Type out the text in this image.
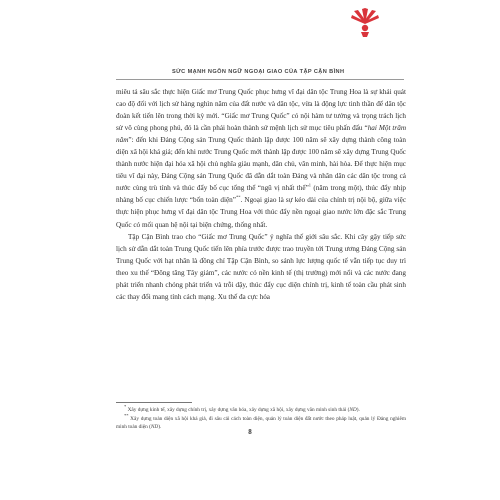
SỨC MẠNH NGÔN NGỮ NGOẠI GIAO CỦA TẬP CẬN BÌNH

miêu tả sâu sắc thực hiện Giấc mơ Trung Quốc phục hưng vĩ đại dân tộc Trung Hoa là sự khái quát cao độ đối với lịch sử hàng nghìn năm của đất nước và dân tộc, vừa là động lực tinh thần để dân tộc đoàn kết tiến lên trong thời kỳ mới. “Giấc mơ Trung Quốc” có nội hàm tư tưởng và trọng trách lịch sử vô cùng phong phú, đó là cần phải hoàn thành sứ mệnh lịch sử mục tiêu phấn đấu “hai Một trăm năm”: đến khi Đảng Cộng sản Trung Quốc thành lập được 100 năm sẽ xây dựng thành công toàn diện xã hội khá giả; đến khi nước Trung Quốc mới thành lập được 100 năm sẽ xây dựng Trung Quốc thành nước hiện đại hóa xã hội chủ nghĩa giàu mạnh, dân chủ, văn minh, hài hòa. Để thực hiện mục tiêu vĩ đại này, Đảng Cộng sản Trung Quốc đã dẫn dắt toàn Đảng và nhân dân các dân tộc trong cả nước cùng trù tính và thúc đẩy bố cục tổng thể “ngũ vị nhất thể”$^1$ (năm trong một), thúc đẩy nhịp nhàng bố cục chiến lược “bốn toàn diện”**. Ngoại giao là sự kéo dài của chính trị nội bộ, giữa việc thực hiện phục hưng vĩ đại dân tộc Trung Hoa với thúc đẩy nền ngoại giao nước lớn đặc sắc Trung Quốc có mối quan hệ nội tại biện chứng, thống nhất.

Tập Cận Bình trao cho “Giấc mơ Trung Quốc” ý nghĩa thế giới sâu sắc. Khi cây gậy tiếp sức lịch sử dẫn dắt toàn Trung Quốc tiến lên phía trước được trao truyền tới Trung ương Đảng Cộng sản Trung Quốc với hạt nhân là đồng chí Tập Cận Bình, so sánh lực lượng quốc tế vẫn tiếp tục duy trì theo xu thế “Đông tăng Tây giảm”, các nước có nền kinh tế (thị trường) mới nổi và các nước đang phát triển nhanh chóng phát triển và trỗi dậy, thúc đẩy cục diện chính trị, kinh tế toàn cầu phát sinh các thay đổi mang tính cách mạng. Xu thế đa cực hóa

* Xây dựng kinh tế, xây dựng chính trị, xây dựng văn hóa, xây dựng xã hội, xây dựng văn minh sinh thái (ND).

** Xây dựng toàn diện xã hội khá giả, đi sâu cải cách toàn diện, quản lý toàn diện đất nước theo pháp luật, quản lý Đảng nghiêm minh toàn diện (ND).

8
